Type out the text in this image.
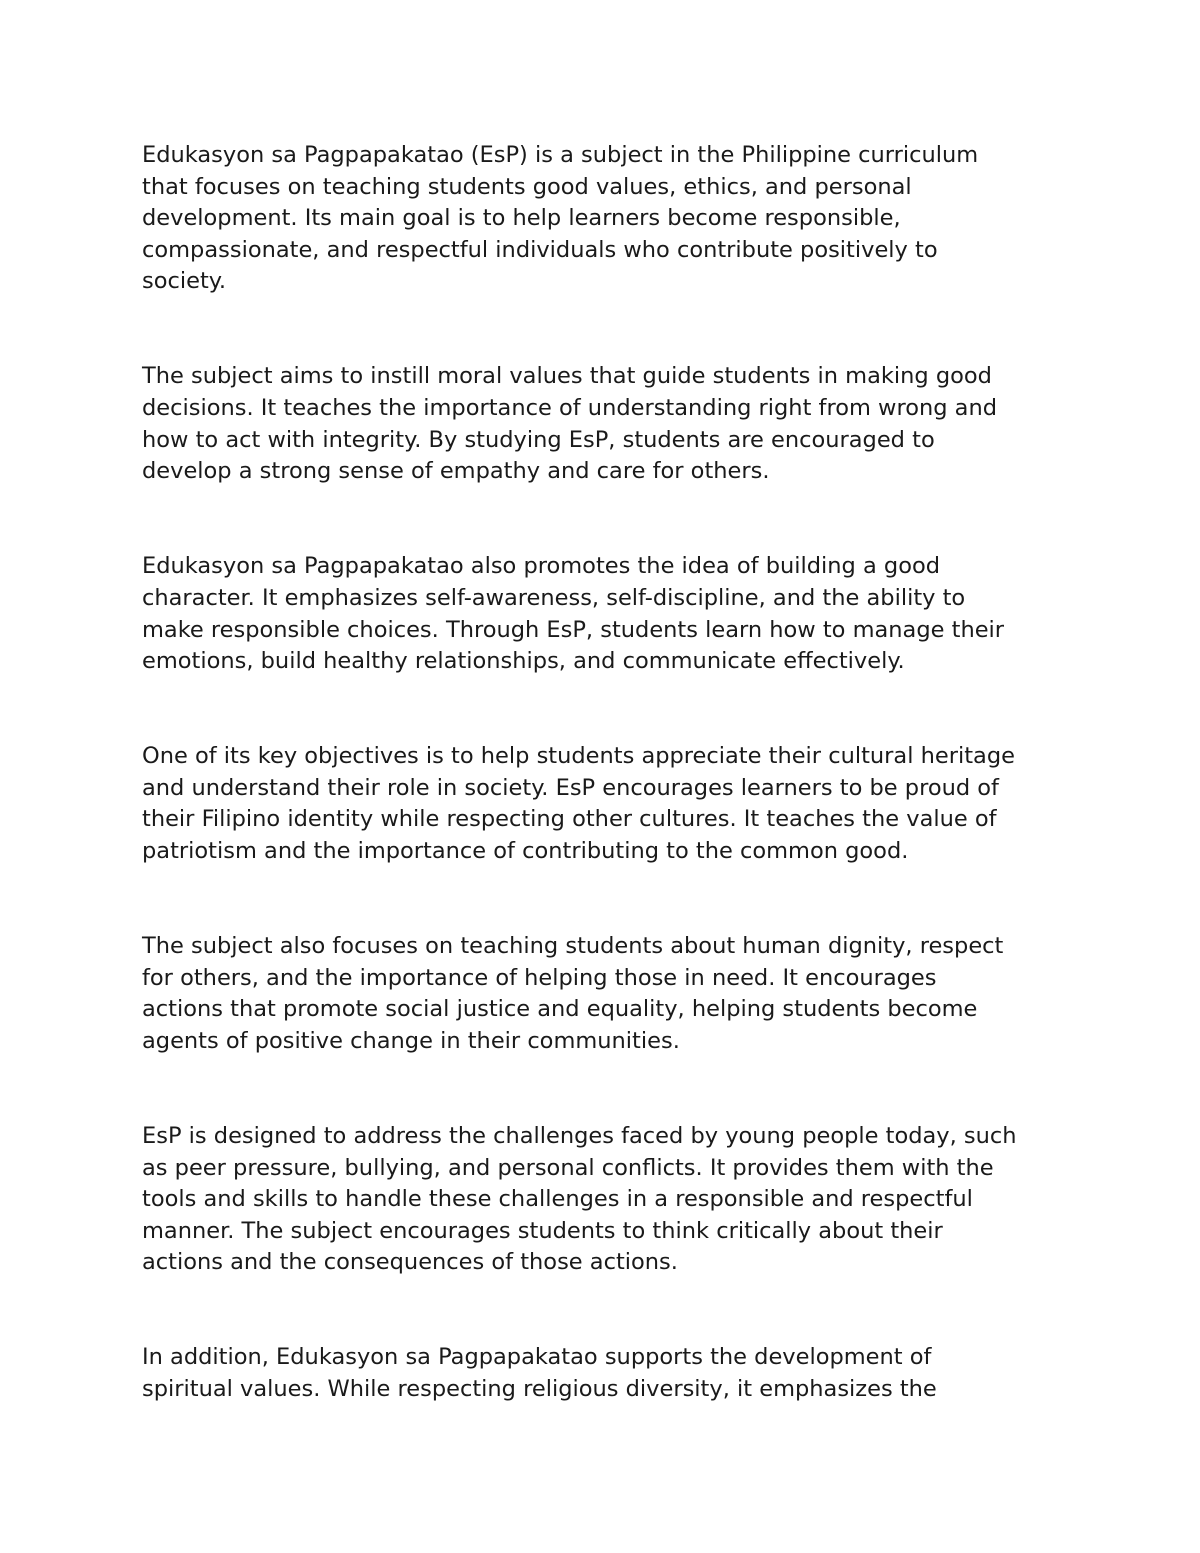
Edukasyon sa Pagpapakatao (EsP) is a subject in the Philippine curriculum
that focuses on teaching students good values, ethics, and personal
development. Its main goal is to help learners become responsible,
compassionate, and respectful individuals who contribute positively to
society.

The subject aims to instill moral values that guide students in making good
decisions. It teaches the importance of understanding right from wrong and
how to act with integrity. By studying EsP, students are encouraged to
develop a strong sense of empathy and care for others.

Edukasyon sa Pagpapakatao also promotes the idea of building a good
character. It emphasizes self-awareness, self-discipline, and the ability to
make responsible choices. Through EsP, students learn how to manage their
emotions, build healthy relationships, and communicate effectively.

One of its key objectives is to help students appreciate their cultural heritage
and understand their role in society. EsP encourages learners to be proud of
their Filipino identity while respecting other cultures. It teaches the value of
patriotism and the importance of contributing to the common good.

The subject also focuses on teaching students about human dignity, respect
for others, and the importance of helping those in need. It encourages
actions that promote social justice and equality, helping students become
agents of positive change in their communities.

EsP is designed to address the challenges faced by young people today, such
as peer pressure, bullying, and personal conflicts. It provides them with the
tools and skills to handle these challenges in a responsible and respectful
manner. The subject encourages students to think critically about their
actions and the consequences of those actions.

In addition, Edukasyon sa Pagpapakatao supports the development of
spiritual values. While respecting religious diversity, it emphasizes the
